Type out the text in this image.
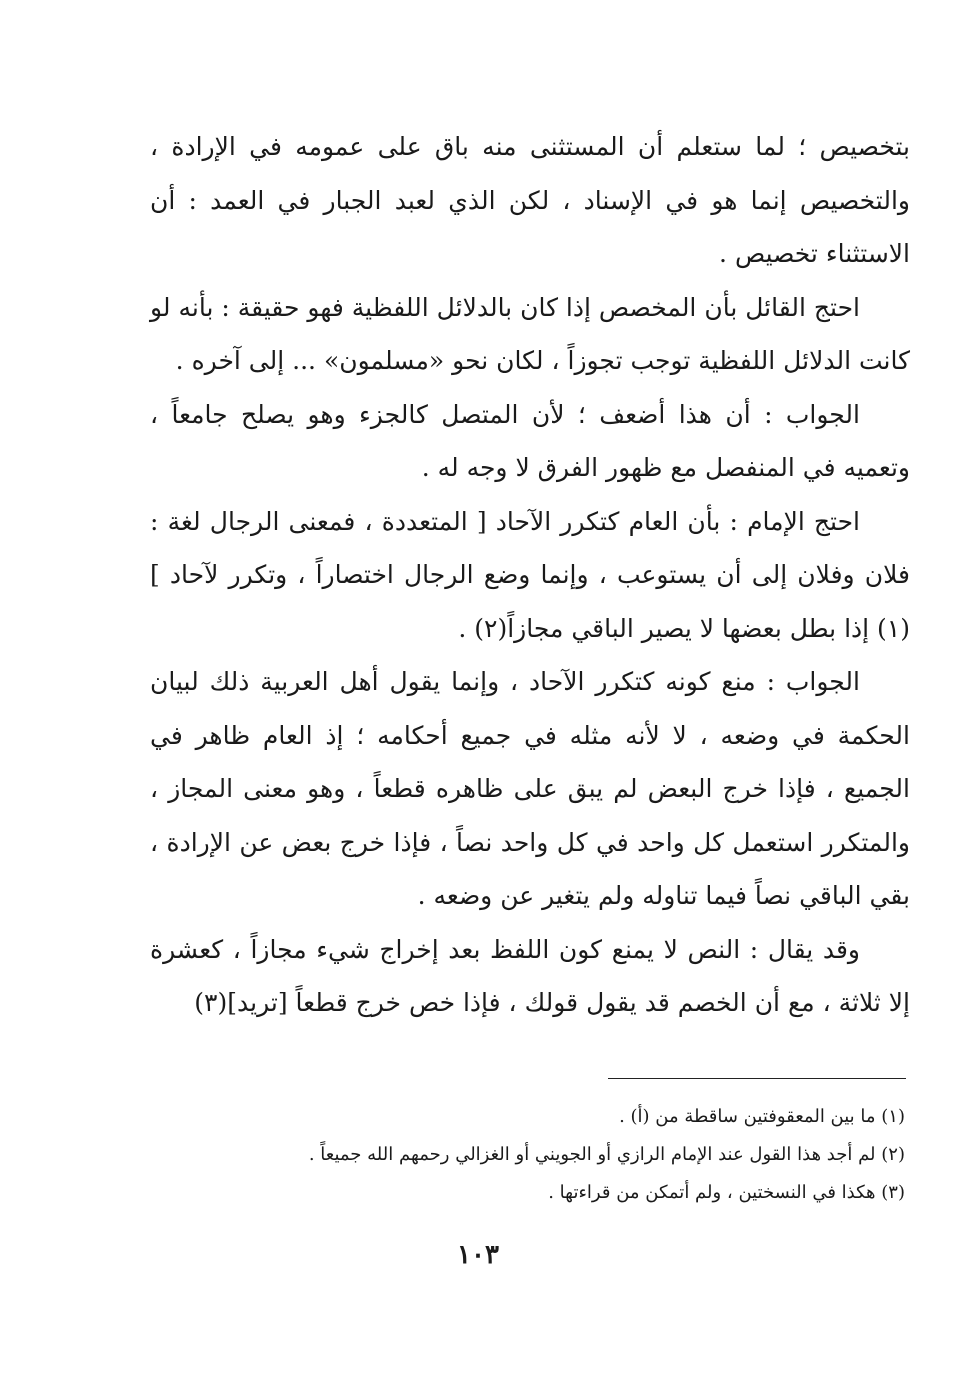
بتخصيص ؛ لما ستعلم أن المستثنى منه باق على عمومه في الإرادة ، والتخصيص إنما هو في الإسناد ، لكن الذي لعبد الجبار في العمد : أن الاستثناء تخصيص .

احتج القائل بأن المخصص إذا كان بالدلائل اللفظية فهو حقيقة : بأنه لو كانت الدلائل اللفظية توجب تجوزاً ، لكان نحو «مسلمون» ... إلى آخره .

الجواب : أن هذا أضعف ؛ لأن المتصل كالجزء وهو يصلح جامعاً ، وتعميه في المنفصل مع ظهور الفرق لا وجه له .

احتج الإمام : بأن العام كتكرر الآحاد [ المتعددة ، فمعنى الرجال لغة : فلان وفلان إلى أن يستوعب ، وإنما وضع الرجال اختصاراً ، وتكرر لآحاد ](١) إذا بطل بعضها لا يصير الباقي مجازاً(٢) .

الجواب : منع كونه كتكرر الآحاد ، وإنما يقول أهل العربية ذلك لبيان الحكمة في وضعه ، لا لأنه مثله في جميع أحكامه ؛ إذ العام ظاهر في الجميع ، فإذا خرج البعض لم يبق على ظاهره قطعاً ، وهو معنى المجاز ، والمتكرر استعمل كل واحد في كل واحد نصاً ، فإذا خرج بعض عن الإرادة ، بقي الباقي نصاً فيما تناوله ولم يتغير عن وضعه .

وقد يقال : النص لا يمنع كون اللفظ بعد إخراج شيء مجازاً ، كعشرة إلا ثلاثة ، مع أن الخصم قد يقول قولك ، فإذا خص خرج قطعاً [تريد](٣)

(١) ما بين المعقوفتين ساقطة من (أ) .

(٢) لم أجد هذا القول عند الإمام الرازي أو الجويني أو الغزالي رحمهم الله جميعاً .

(٣) هكذا في النسختين ، ولم أتمكن من قراءتها .

١٠٣
